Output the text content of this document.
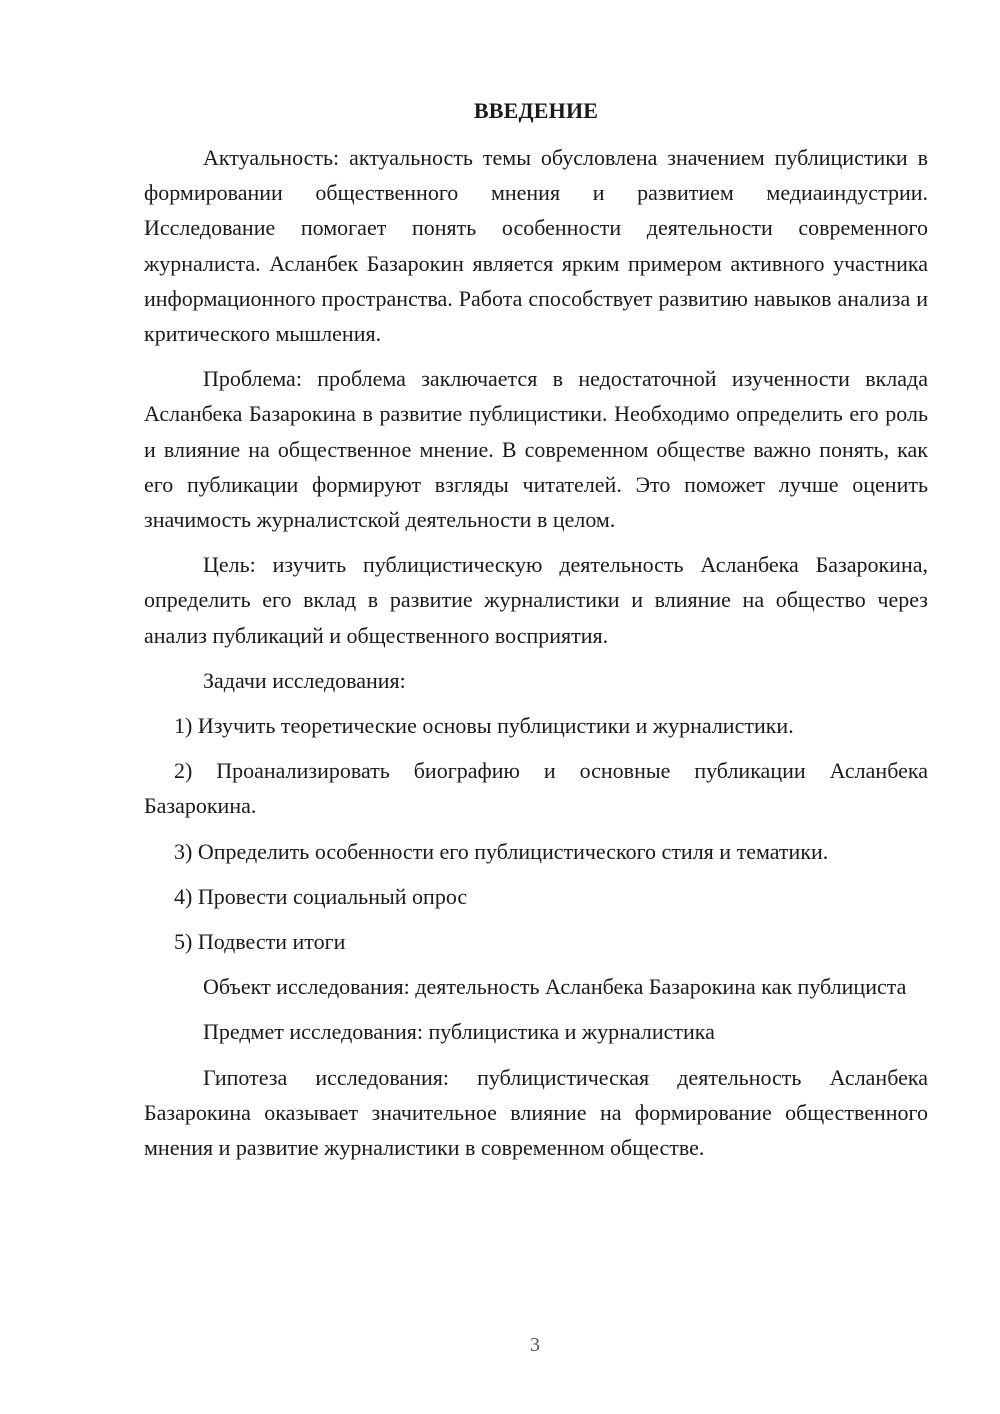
ВВЕДЕНИЕ

Актуальность: актуальность темы обусловлена значением публицистики в формировании общественного мнения и развитием медиаиндустрии. Исследование помогает понять особенности деятельности современного журналиста. Асланбек Базарокин является ярким примером активного участника информационного пространства. Работа способствует развитию навыков анализа и критического мышления.

Проблема: проблема заключается в недостаточной изученности вклада Асланбека Базарокина в развитие публицистики. Необходимо определить его роль и влияние на общественное мнение. В современном обществе важно понять, как его публикации формируют взгляды читателей. Это поможет лучше оценить значимость журналистской деятельности в целом.

Цель: изучить публицистическую деятельность Асланбека Базарокина, определить его вклад в развитие журналистики и влияние на общество через анализ публикаций и общественного восприятия.

Задачи исследования:

1) Изучить теоретические основы публицистики и журналистики.

2) Проанализировать биографию и основные публикации Асланбека Базарокина.

3) Определить особенности его публицистического стиля и тематики.

4) Провести социальный опрос

5) Подвести итоги

Объект исследования: деятельность Асланбека Базарокина как публициста

Предмет исследования: публицистика и журналистика

Гипотеза исследования: публицистическая деятельность Асланбека Базарокина оказывает значительное влияние на формирование общественного мнения и развитие журналистики в современном обществе.

3
